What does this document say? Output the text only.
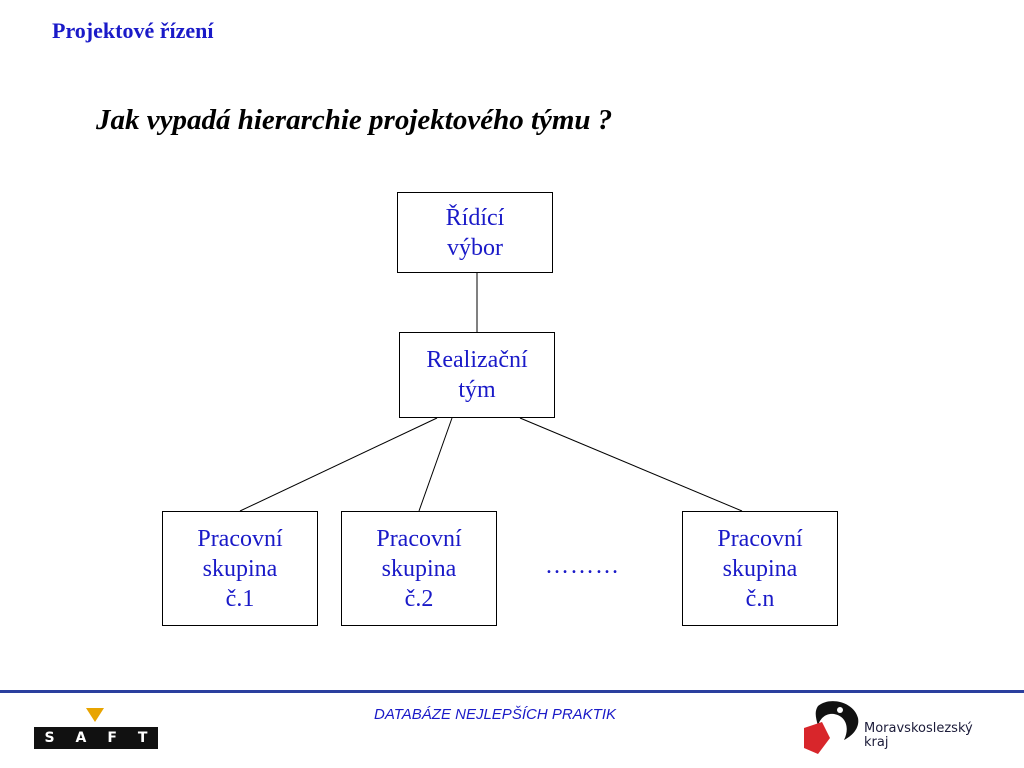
Projektové řízení
Jak vypadá hierarchie projektového týmu ?
Řídící
výbor
Realizační
tým
Pracovní
skupina
č.1
Pracovní
skupina
č.2
………
Pracovní
skupina
č.n
S A F T
DATABÁZE NEJLEPŠÍCH PRAKTIK
Moravskoslezský
kraj
